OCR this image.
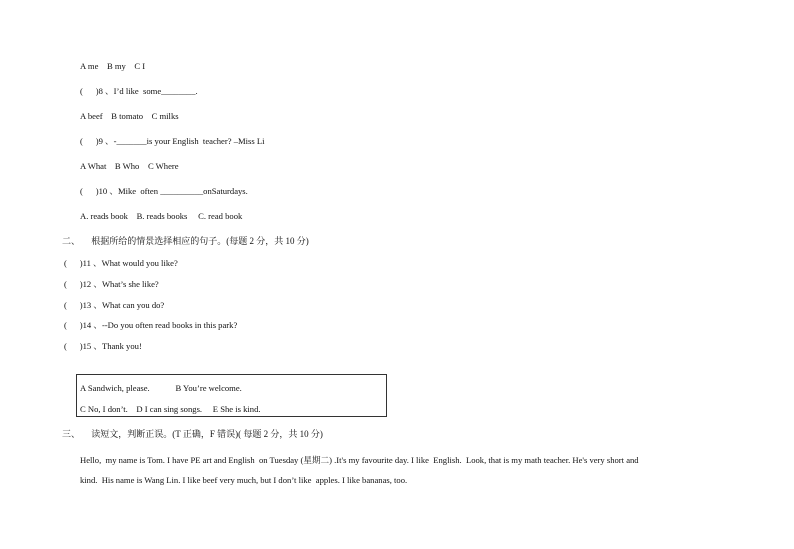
A me    B my    C I
(      )8 、I’d like  some________.
A beef    B tomato    C milks
(      )9 、-_______is your English  teacher? –Miss Li
A What    B Who    C Where
(      )10 、Mike  often __________onSaturdays.
A. reads book    B. reads books     C. read book
二、     根据所给的情景选择相应的句子。(每题 2 分，共 10 分)
(      )11 、What would you like?
(      )12 、What’s she like?
(      )13 、What can you do?
(      )14 、--Do you often read books in this park?
(      )15 、Thank you!
A Sandwich, please.            B You’re welcome.
C No, I don’t.    D I can sing songs.     E She is kind.
三、     读短文，判断正误。(T 正确，F 错误)( 每题 2 分，共 10 分)
Hello,  my name is Tom. I have PE art and English  on Tuesday (星期二) .It's my favourite day. I like  English.  Look, that is my math teacher. He's very short and
kind.  His name is Wang Lin. I like beef very much, but I don’t like  apples. I like bananas, too.
